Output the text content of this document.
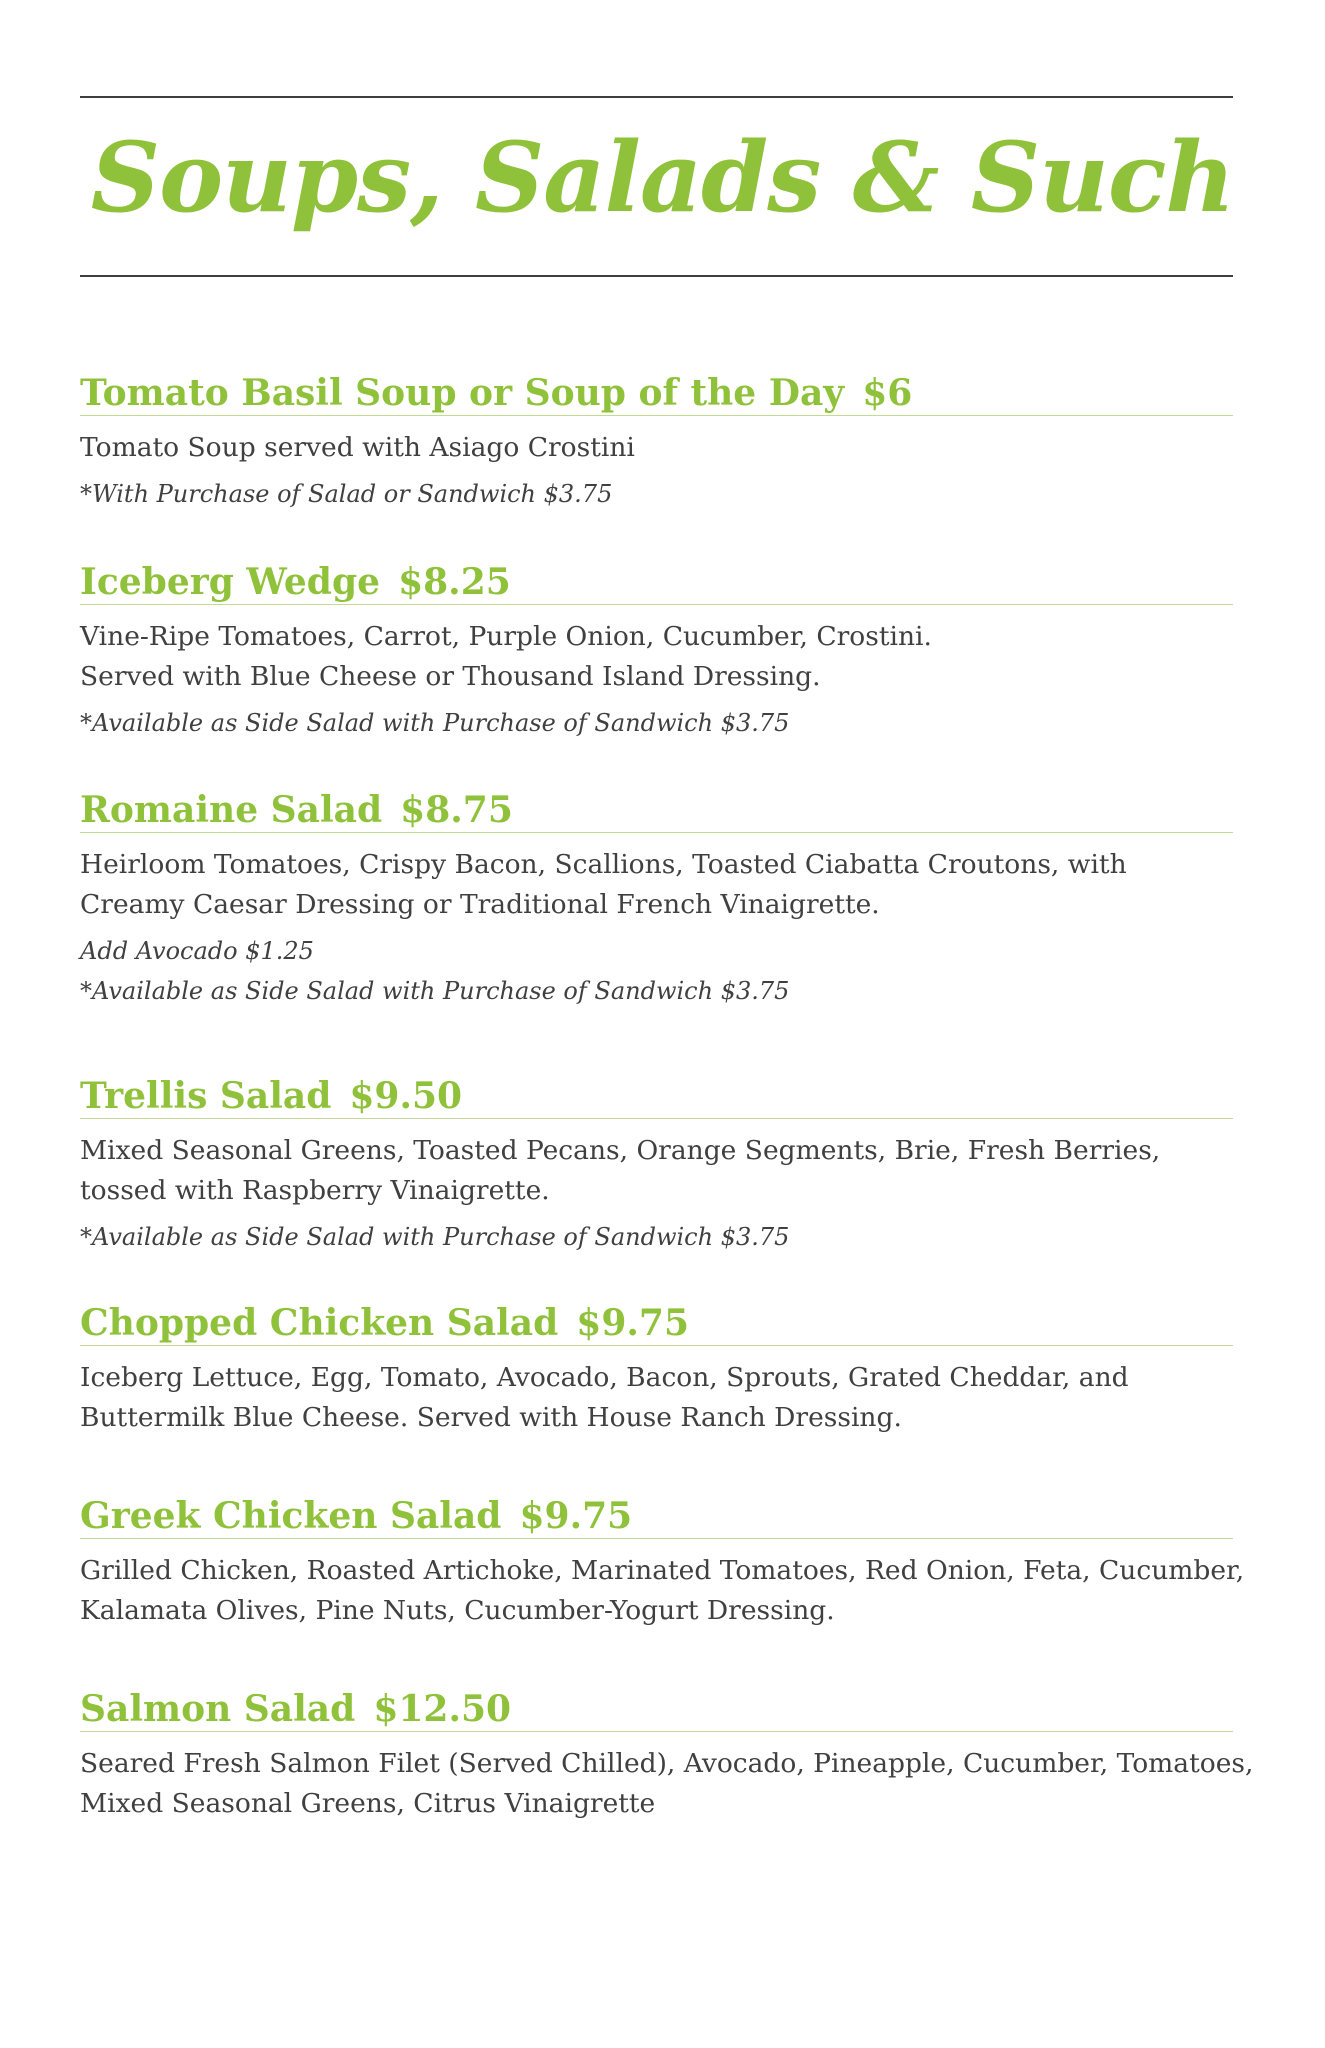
Soups, Salads & Such
Tomato Basil Soup or Soup of the Day $6

Tomato Soup served with Asiago Crostini

*With Purchase of Salad or Sandwich $3.75

Iceberg Wedge $8.25

Vine-Ripe Tomatoes, Carrot, Purple Onion, Cucumber, Crostini.

Served with Blue Cheese or Thousand Island Dressing.

*Available as Side Salad with Purchase of Sandwich $3.75

Romaine Salad $8.75

Heirloom Tomatoes, Crispy Bacon, Scallions, Toasted Ciabatta Croutons, with

Creamy Caesar Dressing or Traditional French Vinaigrette.

Add Avocado $1.25

*Available as Side Salad with Purchase of Sandwich $3.75

Trellis Salad $9.50

Mixed Seasonal Greens, Toasted Pecans, Orange Segments, Brie, Fresh Berries,

tossed with Raspberry Vinaigrette.

*Available as Side Salad with Purchase of Sandwich $3.75

Chopped Chicken Salad $9.75

Iceberg Lettuce, Egg, Tomato, Avocado, Bacon, Sprouts, Grated Cheddar, and

Buttermilk Blue Cheese. Served with House Ranch Dressing.

Greek Chicken Salad $9.75

Grilled Chicken, Roasted Artichoke, Marinated Tomatoes, Red Onion, Feta, Cucumber,

Kalamata Olives, Pine Nuts, Cucumber-Yogurt Dressing.

Salmon Salad $12.50

Seared Fresh Salmon Filet (Served Chilled), Avocado, Pineapple, Cucumber, Tomatoes,

Mixed Seasonal Greens, Citrus Vinaigrette
